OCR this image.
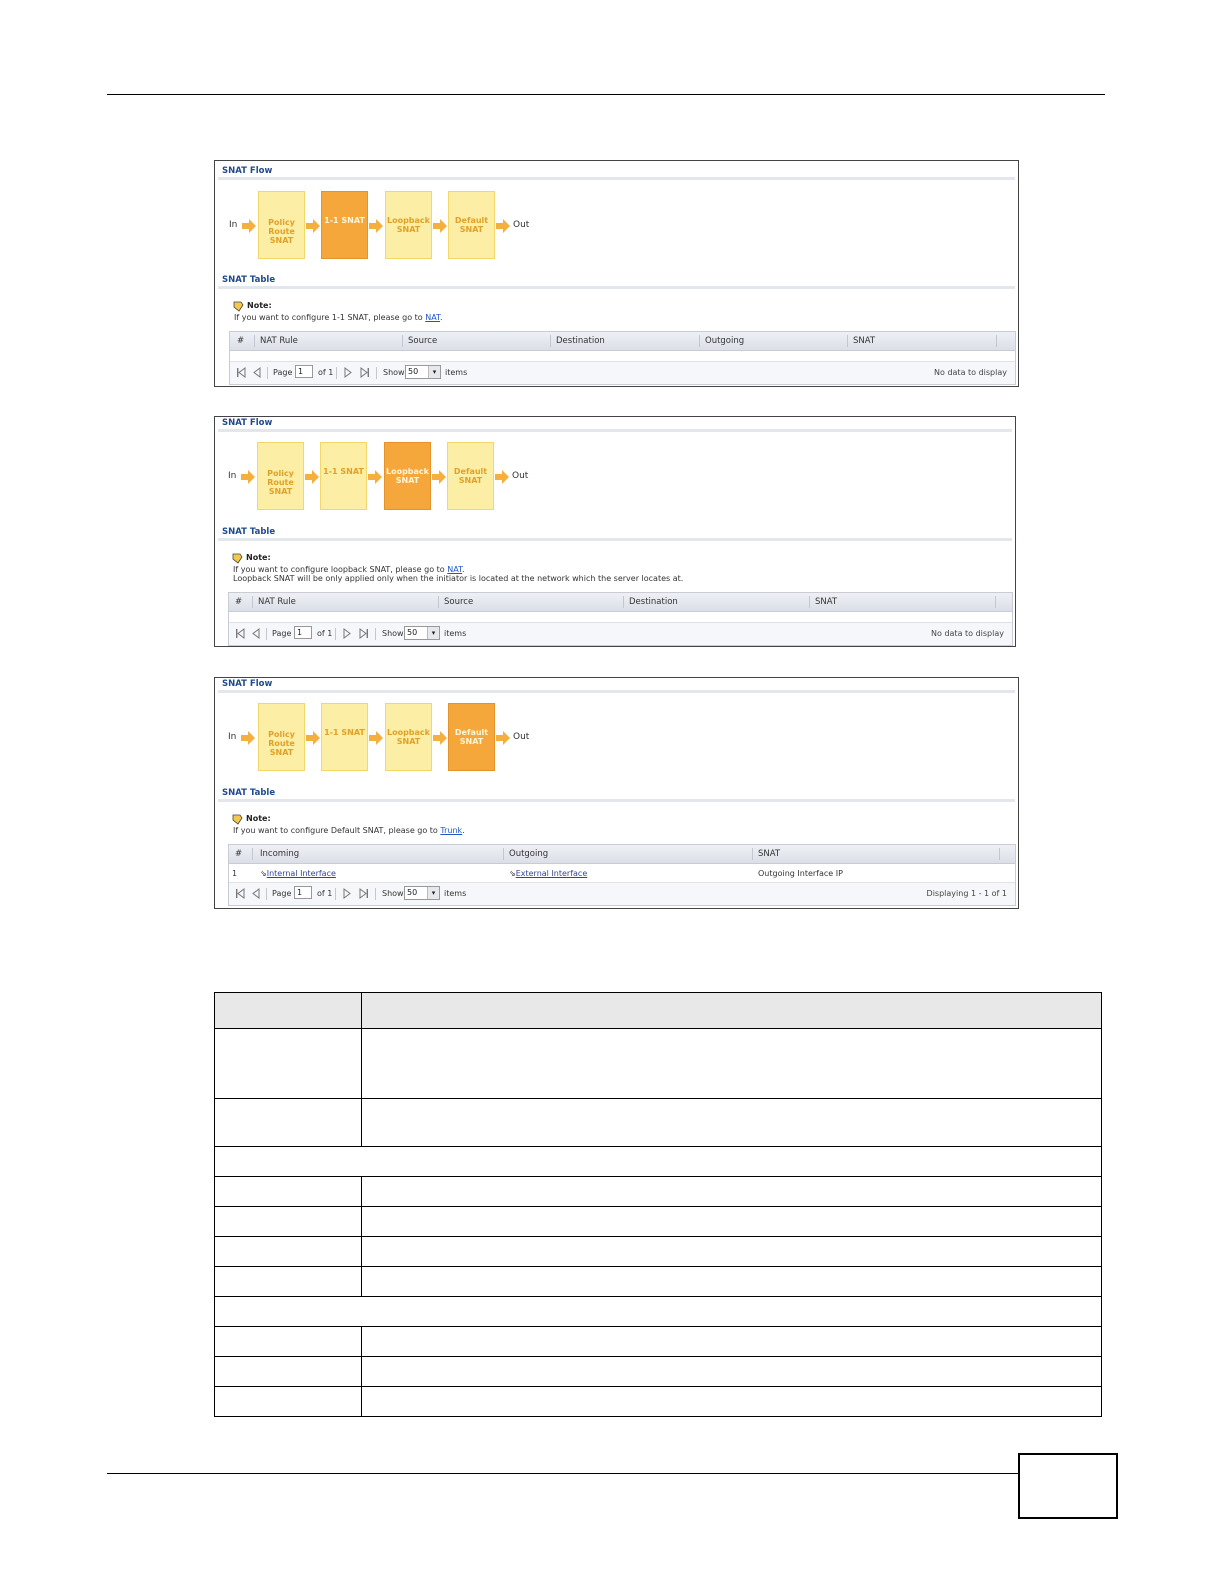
SNAT Flow
In	Policy
Route
SNAT
1-1 SNAT	Loopback
SNAT
Default
SNAT	Out
SNAT Table
Note:
If you want to configure 1-1 SNAT, please go to NAT.
# NAT Rule	Source	Destination	Outgoing	SNAT
Page 1	of 1	Show 50	▾	items	No data to display
SNAT Flow
In	Policy
Route
SNAT
1-1 SNAT	Loopback
SNAT
Default
SNAT	Out
SNAT Table
Note:
If you want to configure loopback SNAT, please go to NAT.
Loopback SNAT will be only applied only when the initiator is located at the network which the server locates at.
# NAT Rule	Source	Destination	SNAT
Page 1	of 1	Show 50	▾	items	No data to display
SNAT Flow
In	Policy
Route
SNAT
1-1 SNAT	Loopback
SNAT
Default
SNAT	Out
SNAT Table
Note:
If you want to configure Default SNAT, please go to Trunk.
# Incoming	Outgoing	SNAT
1	⇘Internal Interface	⇘External Interface	Outgoing Interface IP
Page 1	of 1	Show 50	▾	items	Displaying 1 - 1 of 1
